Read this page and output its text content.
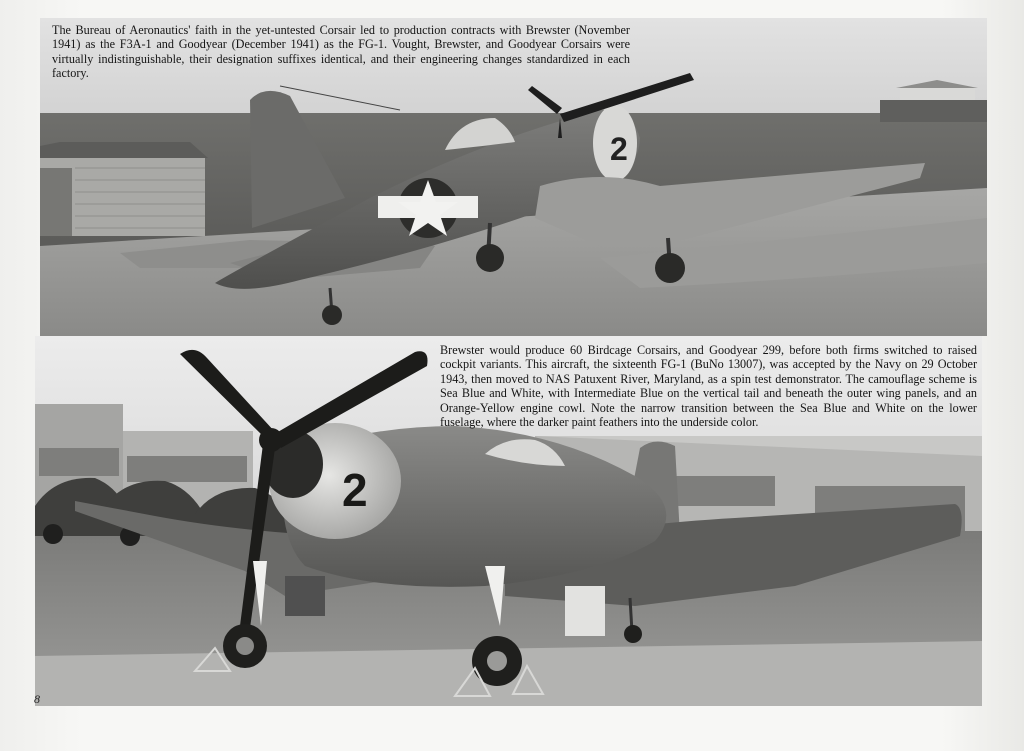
2
The Bureau of Aeronautics' faith in the yet-untested Corsair led to production contracts with Brewster (November 1941) as the F3A-1 and Goodyear (December 1941) as the FG-1. Vought, Brewster, and Goodyear Corsairs were virtually indistinguishable, their designation suffixes identical, and their engineering changes standardized in each factory.
2
Brewster would produce 60 Birdcage Corsairs, and Goodyear 299, before both firms switched to raised cockpit variants. This aircraft, the sixteenth FG-1 (BuNo 13007), was accepted by the Navy on 29 October 1943, then moved to NAS Patuxent River, Maryland, as a spin test demonstrator. The camouflage scheme is Sea Blue and White, with Intermediate Blue on the vertical tail and beneath the outer wing panels, and an Orange-Yellow engine cowl. Note the narrow transition between the Sea Blue and White on the lower fuselage, where the darker paint feathers into the underside color.
8
